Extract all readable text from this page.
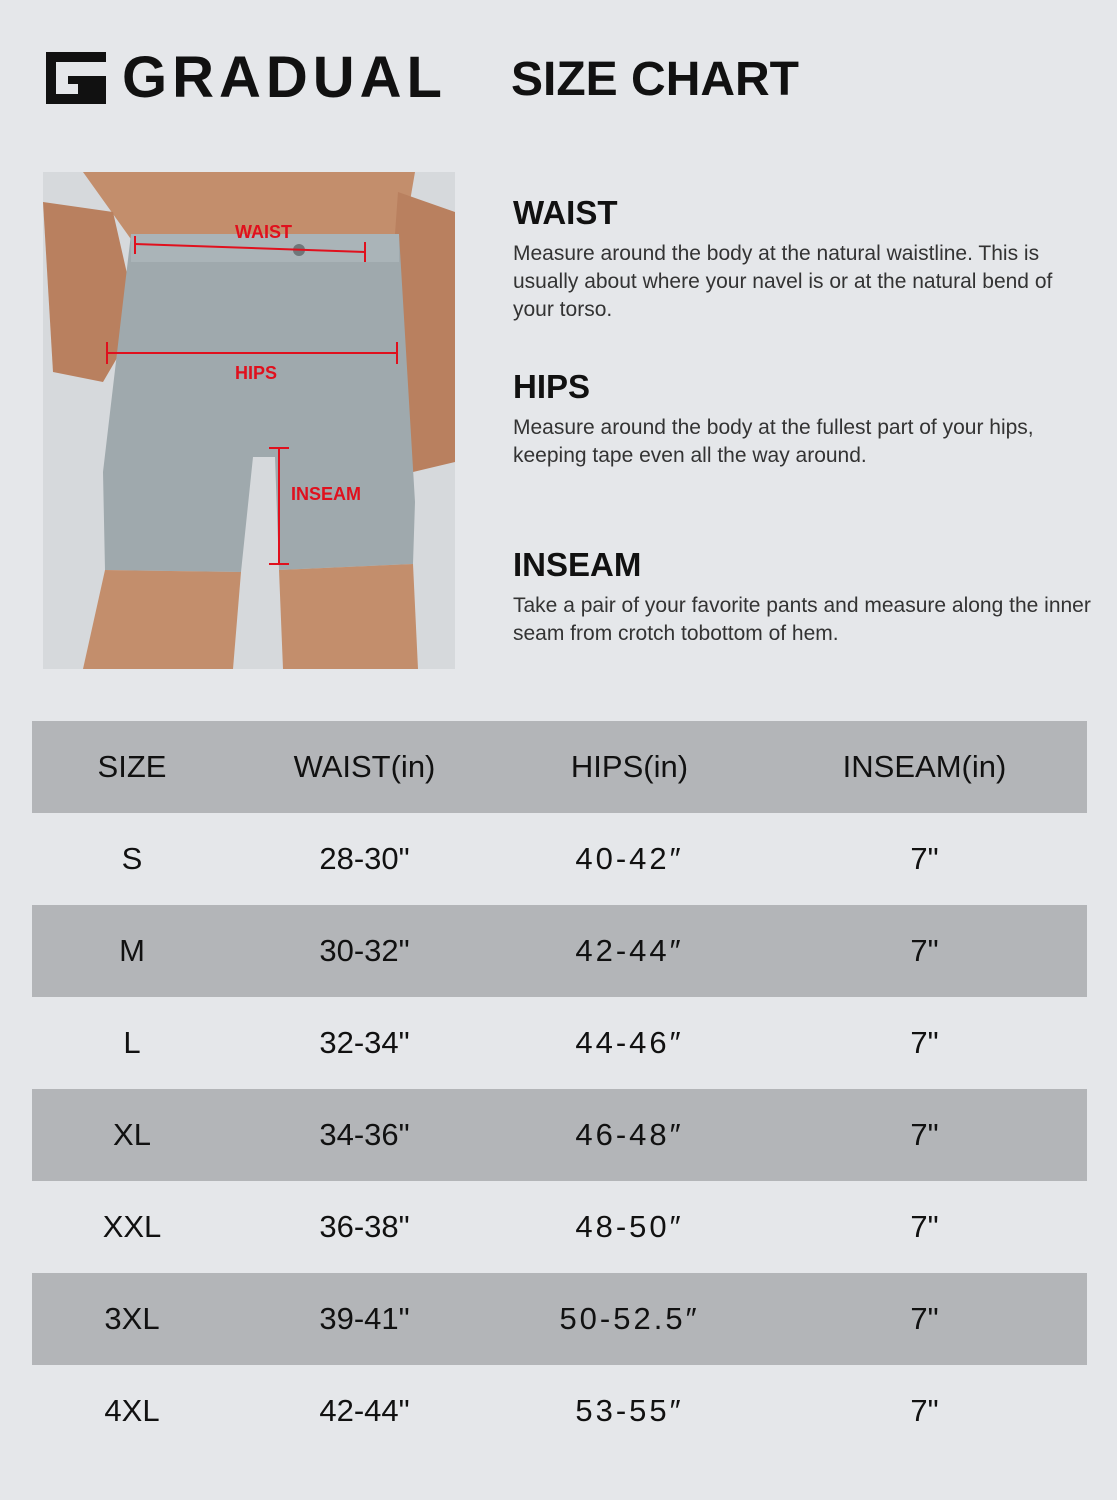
GRADUAL SIZE CHART
WAIST
HIPS
INSEAM
WAIST

Measure around the body at the natural waistline. This is usually about where your navel is or at the natural bend of your torso.

HIPS

Measure around the body at the fullest part of your hips, keeping tape even all the way around.

INSEAM

Take a pair of your favorite pants and measure along the inner seam from crotch tobottom of hem.

SIZE	WAIST(in)	HIPS(in)	INSEAM(in)
S	28-30"	40-42″	7"
M	30-32"	42-44″	7"
L	32-34"	44-46″	7"
XL	34-36"	46-48″	7"
XXL	36-38"	48-50″	7"
3XL	39-41"	50-52.5″	7"
4XL	42-44"	53-55″	7"
